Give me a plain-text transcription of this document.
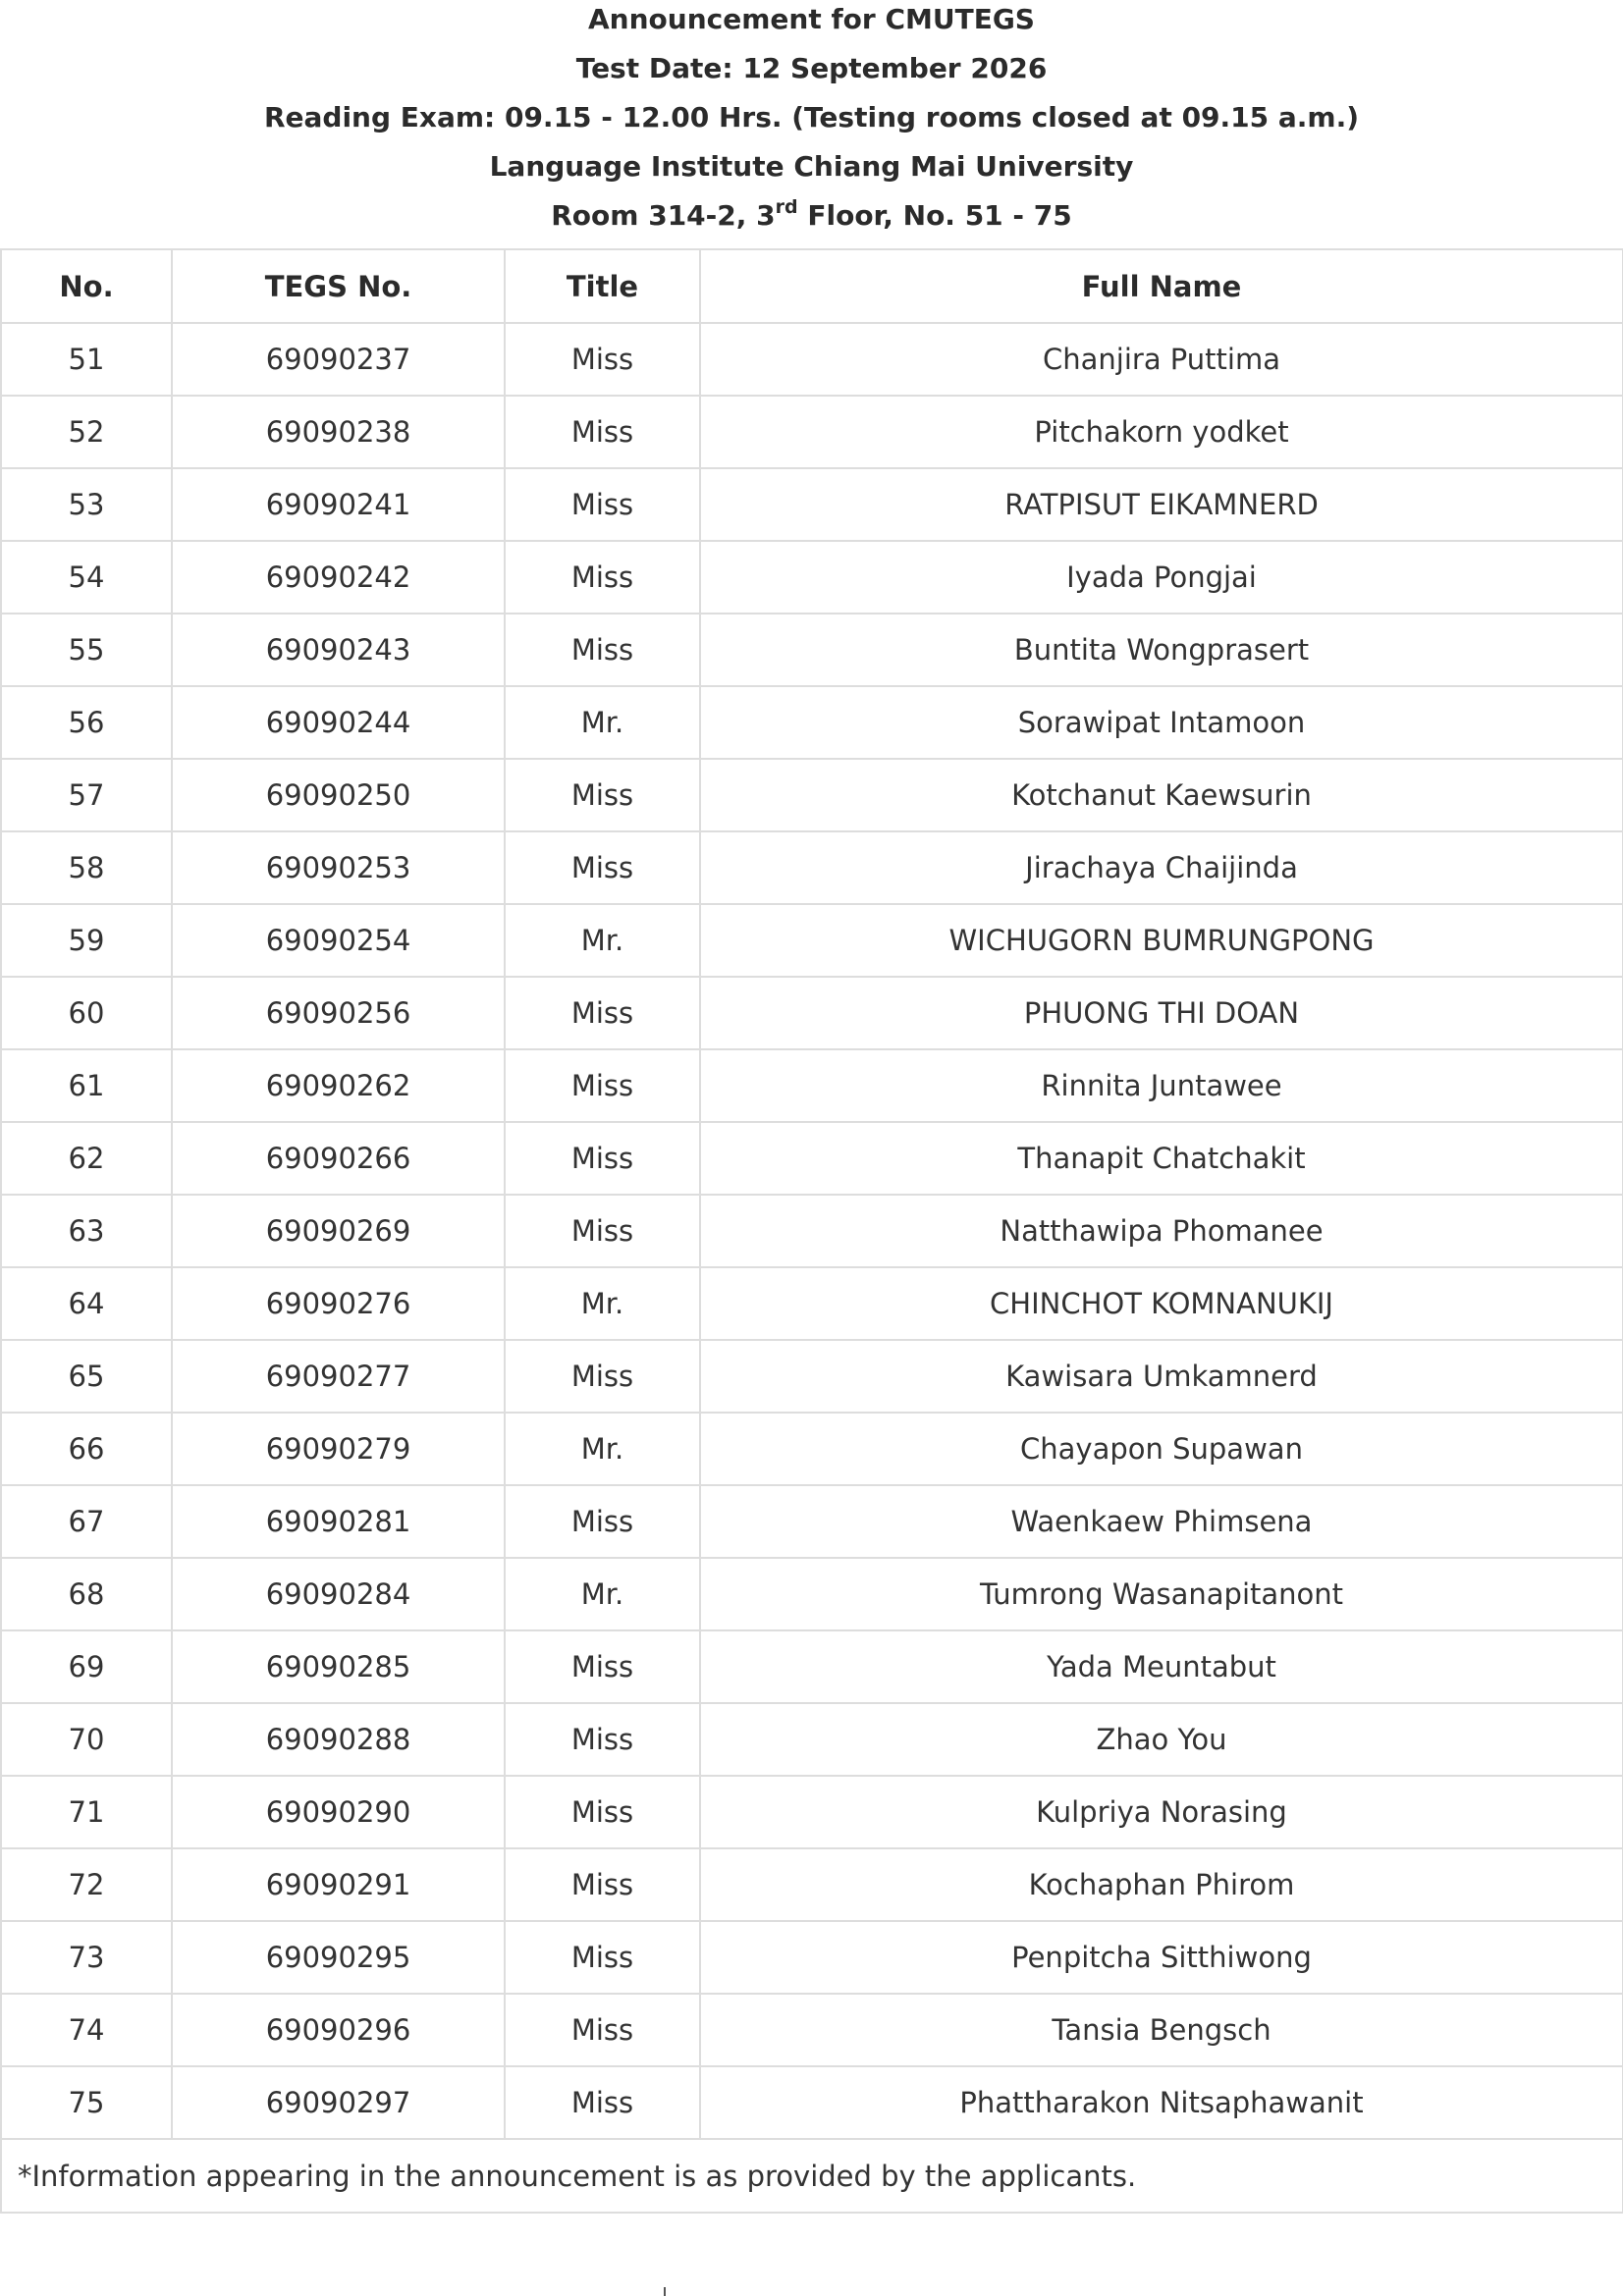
Announcement for CMUTEGS
Test Date: 12 September 2026
Reading Exam: 09.15 - 12.00 Hrs. (Testing rooms closed at 09.15 a.m.)
Language Institute Chiang Mai University
Room 314-2, 3rd Floor, No. 51 - 75
No.	TEGS No.	Title	Full Name
51	69090237	Miss	Chanjira Puttima
52	69090238	Miss	Pitchakorn yodket
53	69090241	Miss	RATPISUT EIKAMNERD
54	69090242	Miss	Iyada Pongjai
55	69090243	Miss	Buntita Wongprasert
56	69090244	Mr.	Sorawipat Intamoon
57	69090250	Miss	Kotchanut Kaewsurin
58	69090253	Miss	Jirachaya Chaijinda
59	69090254	Mr.	WICHUGORN BUMRUNGPONG
60	69090256	Miss	PHUONG THI DOAN
61	69090262	Miss	Rinnita Juntawee
62	69090266	Miss	Thanapit Chatchakit
63	69090269	Miss	Natthawipa Phomanee
64	69090276	Mr.	CHINCHOT KOMNANUKIJ
65	69090277	Miss	Kawisara Umkamnerd
66	69090279	Mr.	Chayapon Supawan
67	69090281	Miss	Waenkaew Phimsena
68	69090284	Mr.	Tumrong Wasanapitanont
69	69090285	Miss	Yada Meuntabut
70	69090288	Miss	Zhao You
71	69090290	Miss	Kulpriya Norasing
72	69090291	Miss	Kochaphan Phirom
73	69090295	Miss	Penpitcha Sitthiwong
74	69090296	Miss	Tansia Bengsch
75	69090297	Miss	Phattharakon Nitsaphawanit
*Information appearing in the announcement is as provided by the applicants.			
